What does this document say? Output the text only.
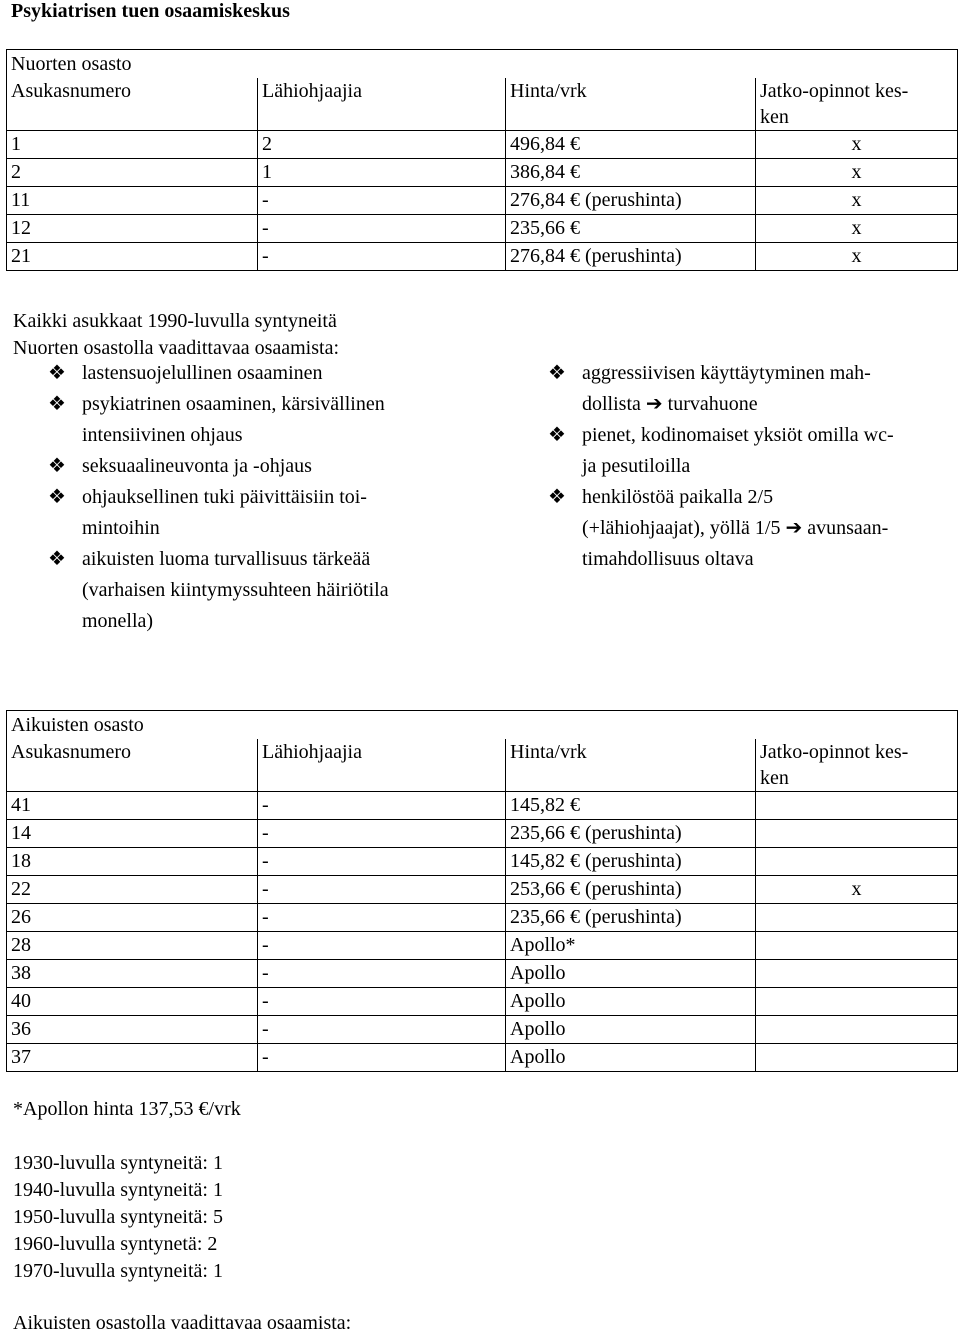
Psykiatrisen tuen osaamiskeskus
Nuorten osasto			
Asukasnumero	Lähiohjaajia	Hinta/vrk	Jatko-opinnot kes-
ken

1	2	496,84 €	x
2	1	386,84 €	x
11	-	276,84 € (perushinta)	x
12	-	235,66 €	x
21	-	276,84 € (perushinta)	x
Kaikki asukkaat 1990-luvulla syntyneitä
Nuorten osastolla vaadittavaa osaamista:
❖ lastensuojelullinen osaaminen
❖ psykiatrinen osaaminen, kärsivällinen
intensiivinen ohjaus
❖ seksuaalineuvonta ja -ohjaus
❖ ohjauksellinen tuki päivittäisiin toi-
mintoihin
❖ aikuisten luoma turvallisuus tärkeää
(varhaisen kiintymyssuhteen häiriötila
monella)
❖ aggressiivisen käyttäytyminen mah-
dollista ➔ turvahuone
❖ pienet, kodinomaiset yksiöt omilla wc-
ja pesutiloilla
❖ henkilöstöä paikalla 2/5
(+lähiohjaajat), yöllä 1/5 ➔ avunsaan-
timahdollisuus oltava
Aikuisten osasto			
Asukasnumero	Lähiohjaajia	Hinta/vrk	Jatko-opinnot kes-
ken

41	-	145,82 €	
14	-	235,66 € (perushinta)	
18	-	145,82 € (perushinta)	
22	-	253,66 € (perushinta)	x
26	-	235,66 € (perushinta)	
28	-	Apollo*	
38	-	Apollo	
40	-	Apollo	
36	-	Apollo	
37	-	Apollo	
*Apollon hinta 137,53 €/vrk
1930-luvulla syntyneitä: 1
1940-luvulla syntyneitä: 1
1950-luvulla syntyneitä: 5
1960-luvulla syntynetä: 2
1970-luvulla syntyneitä: 1
Aikuisten osastolla vaadittavaa osaamista:
